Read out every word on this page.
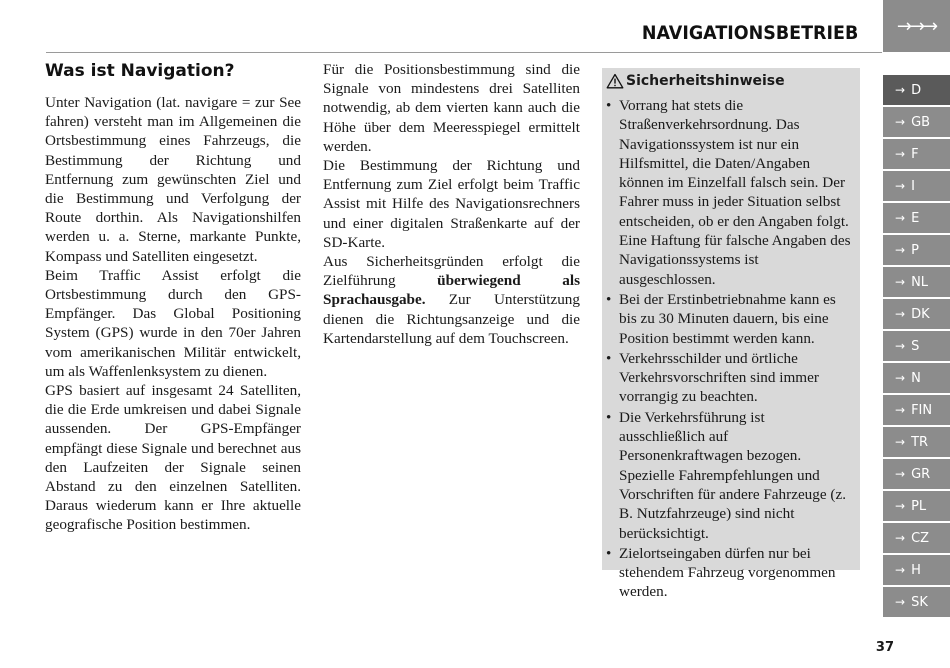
NAVIGATIONSBETRIEB	→→→
→ D
→ GB
→ F
→ I
→ E
→ P
→ NL
→ DK
→ S
→ N
→ FIN
→ TR
→ GR
→ PL
→ CZ
→ H
→ SK
Was ist Navigation?

Unter Navigation (lat. navigare = zur See fahren) versteht man im Allgemeinen die Ortsbestimmung eines Fahrzeugs, die Bestimmung der Richtung und Entfernung zum gewünschten Ziel und die Bestimmung und Verfolgung der Route dorthin. Als Navigationshilfen werden u. a. Sterne, markante Punkte, Kompass und Satelliten eingesetzt.

Beim Traffic Assist erfolgt die Ortsbestimmung durch den GPS-Empfänger. Das Global Positioning System (GPS) wurde in den 70er Jahren vom amerikanischen Militär entwickelt, um als Waffenlenksystem zu dienen.

GPS basiert auf insgesamt 24 Satelliten, die die Erde umkreisen und dabei Signale aussenden. Der GPS-Empfänger empfängt diese Signale und berechnet aus den Laufzeiten der Signale seinen Abstand zu den einzelnen Satelliten. Daraus wiederum kann er Ihre aktuelle geografische Position bestimmen.

Für die Positionsbestimmung sind die Signale von mindestens drei Satelliten notwendig, ab dem vierten kann auch die Höhe über dem Meeresspiegel ermittelt werden.

Die Bestimmung der Richtung und Entfernung zum Ziel erfolgt beim Traffic Assist mit Hilfe des Navigationsrechners und einer digitalen Straßenkarte auf der SD-Karte.

Aus Sicherheitsgründen erfolgt die Zielführung überwiegend als Sprachausgabe. Zur Unterstützung dienen die Richtungsanzeige und die Kartendarstellung auf dem Touchscreen.

Sicherheitshinweise
• Vorrang hat stets die Straßenverkehrsordnung. Das Navigationssystem ist nur ein Hilfsmittel, die Daten/Angaben können im Einzelfall falsch sein. Der Fahrer muss in jeder Situation selbst entscheiden, ob er den Angaben folgt.
Eine Haftung für falsche Angaben des Navigationssystems ist ausgeschlossen.
• Bei der Erstinbetriebnahme kann es bis zu 30 Minuten dauern, bis eine Position bestimmt werden kann.
• Verkehrsschilder und örtliche Verkehrsvorschriften sind immer vorrangig zu beachten.
• Die Verkehrsführung ist ausschließlich auf Personenkraftwagen bezogen. Spezielle Fahrempfehlungen und Vorschriften für andere Fahrzeuge (z. B. Nutzfahrzeuge) sind nicht berücksichtigt.
• Zielortseingaben dürfen nur bei stehendem Fahrzeug vorgenommen werden.
37
